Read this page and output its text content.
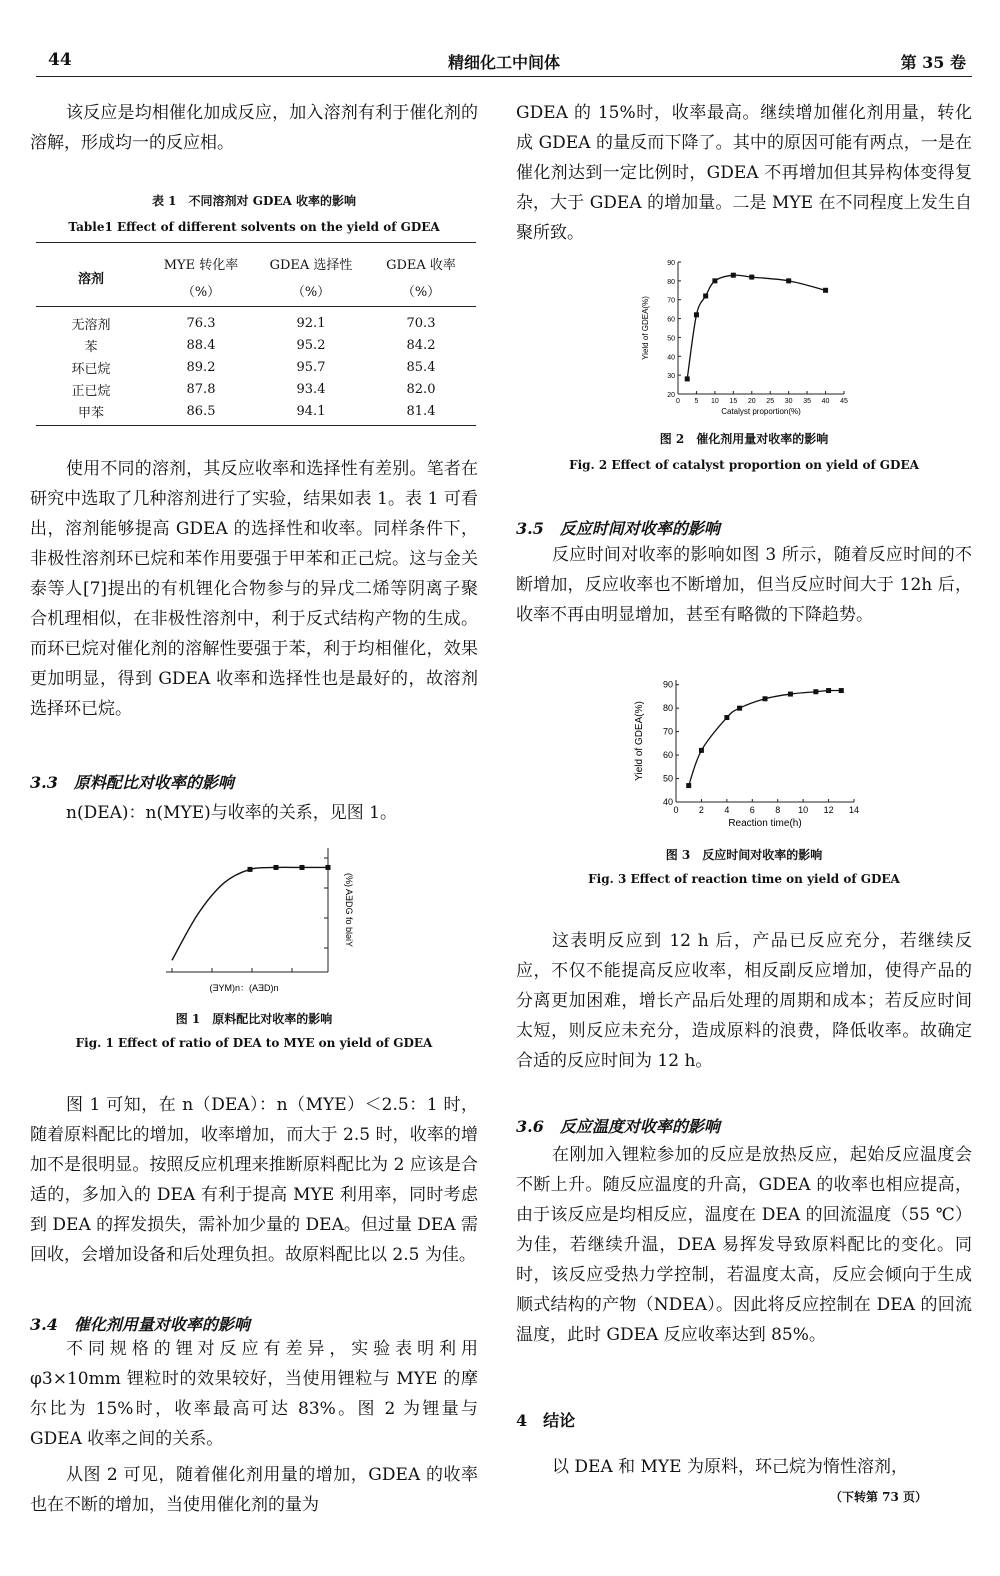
44	精细化工中间体	第 35 卷

该反应是均相催化加成反应，加入溶剂有利于催化剂的溶解，形成均一的反应相。

表 1　不同溶剂对 GDEA 收率的影响
Table1 Effect of different solvents on the yield of GDEA
溶剂	MYE 转化率	GDEA 选择性	GDEA 收率
	（%）	（%）	（%）
无溶剂	76.3	92.1	70.3
苯	88.4	95.2	84.2
环已烷	89.2	95.7	85.4
正已烷	87.8	93.4	82.0
甲苯	86.5	94.1	81.4

使用不同的溶剂，其反应收率和选择性有差别。笔者在研究中选取了几种溶剂进行了实验，结果如表 1。表 1 可看出，溶剂能够提高 GDEA 的选择性和收率。同样条件下，非极性溶剂环已烷和苯作用要强于甲苯和正己烷。这与金关泰等人[7]提出的有机锂化合物参与的异戊二烯等阴离子聚合机理相似，在非极性溶剂中，利于反式结构产物的生成。而环已烷对催化剂的溶解性要强于苯，利于均相催化，效果更加明显，得到 GDEA 收率和选择性也是最好的，故溶剂选择环已烷。

3.3　原料配比对收率的影响

n(DEA)：n(MYE)与收率的关系，见图 1。

(ƎYM)n：(AƎD)n
(%) AƎDG fo bləiY
图 1　原料配比对收率的影响
Fig. 1 Effect of ratio of DEA to MYE on yield of GDEA

图 1 可知，在 n（DEA）：n（MYE）＜2.5：1 时，随着原料配比的增加，收率增加，而大于 2.5 时，收率的增加不是很明显。按照反应机理来推断原料配比为 2 应该是合适的，多加入的 DEA 有利于提高 MYE 利用率，同时考虑到 DEA 的挥发损失，需补加少量的 DEA。但过量 DEA 需回收，会增加设备和后处理负担。故原料配比以 2.5 为佳。

3.4　催化剂用量对收率的影响

不同规格的锂对反应有差异，实验表明利用 φ3×10mm 锂粒时的效果较好，当使用锂粒与 MYE 的摩尔比为 15%时，收率最高可达 83%。图 2 为锂量与 GDEA 收率之间的关系。

从图 2 可见，随着催化剂用量的增加，GDEA 的收率也在不断的增加，当使用催化剂的量为

GDEA 的 15%时，收率最高。继续增加催化剂用量，转化成 GDEA 的量反而下降了。其中的原因可能有两点，一是在催化剂达到一定比例时，GDEA 不再增加但其异构体变得复杂，大于 GDEA 的增加量。二是 MYE 在不同程度上发生自聚所致。

0 5 10 15 20 25 30 35 40 45
20
30
40
50
60
70
80
90
Catalyst proportion(%)
Yield of GDEA(%)
图 2　催化剂用量对收率的影响
Fig. 2 Effect of catalyst proportion on yield of GDEA
3.5　反应时间对收率的影响

反应时间对收率的影响如图 3 所示，随着反应时间的不断增加，反应收率也不断增加，但当反应时间大于 12h 后，收率不再由明显增加，甚至有略微的下降趋势。

0 2 4 6 8 10 12 14
40
50
60
70
80
90
Reaction time(h)
Yield of GDEA(%)
图 3　反应时间对收率的影响
Fig. 3 Effect of reaction time on yield of GDEA

这表明反应到 12 h 后，产品已反应充分，若继续反应，不仅不能提高反应收率，相反副反应增加，使得产品的分离更加困难，增长产品后处理的周期和成本；若反应时间太短，则反应未充分，造成原料的浪费，降低收率。故确定合适的反应时间为 12 h。

3.6　反应温度对收率的影响

在刚加入锂粒参加的反应是放热反应，起始反应温度会不断上升。随反应温度的升高，GDEA 的收率也相应提高，由于该反应是均相反应，温度在 DEA 的回流温度（55 ℃）为佳，若继续升温，DEA 易挥发导致原料配比的变化。同时，该反应受热力学控制，若温度太高，反应会倾向于生成顺式结构的产物（NDEA）。因此将反应控制在 DEA 的回流温度，此时 GDEA 反应收率达到 85%。

4　结论

以 DEA 和 MYE 为原料，环己烷为惰性溶剂，

（下转第 73 页）
